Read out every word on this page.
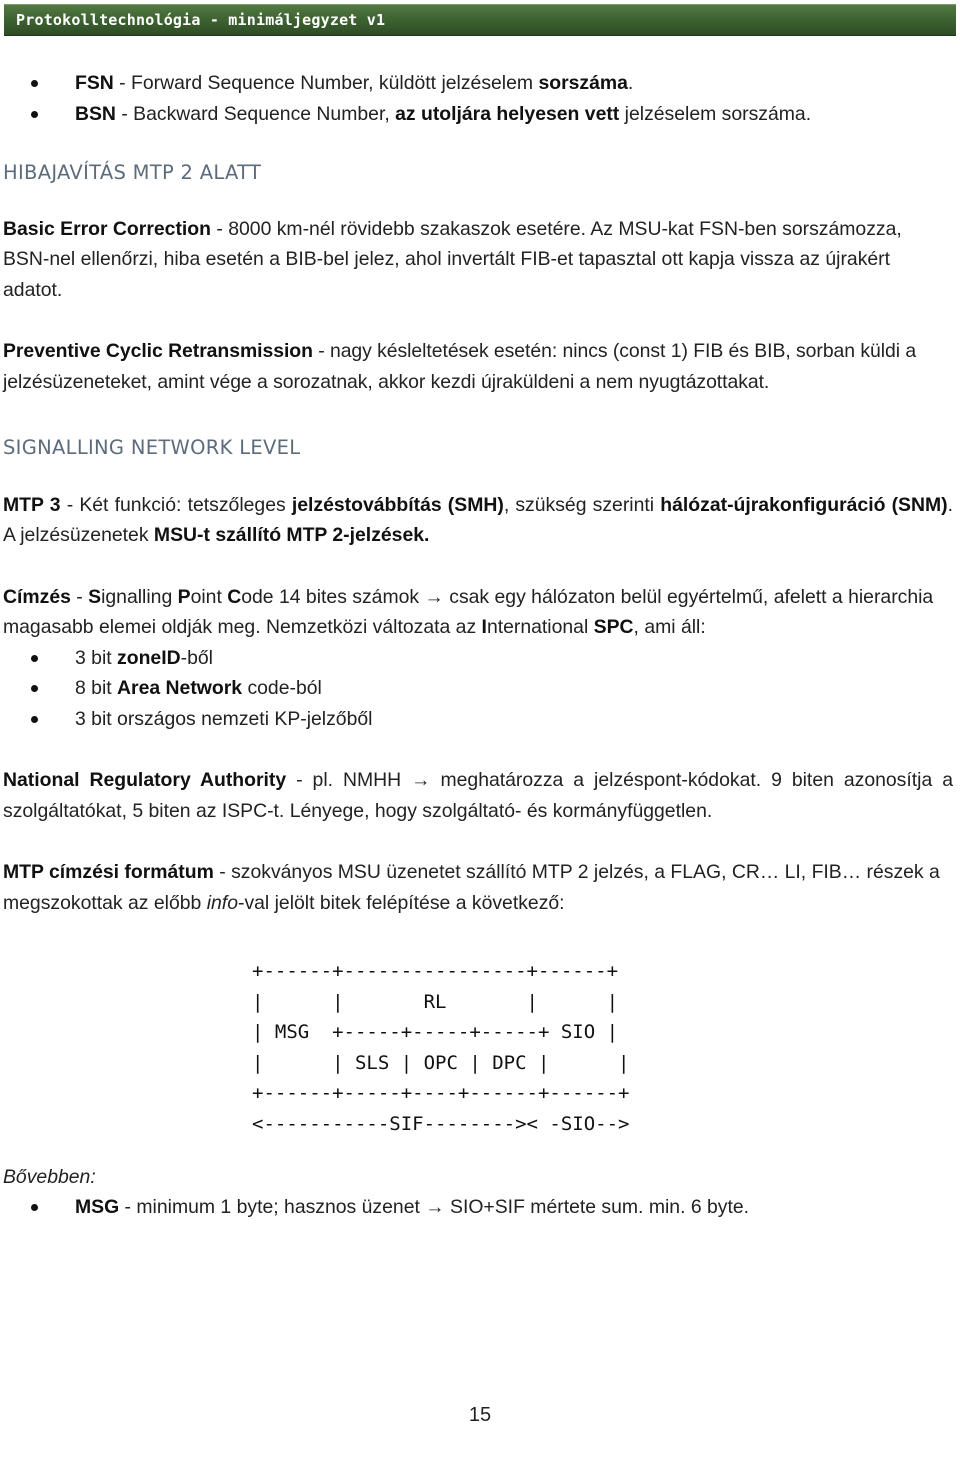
Protokolltechnológia - minimáljegyzet v1
FSN - Forward Sequence Number, küldött jelzéselem sorszáma.
BSN - Backward Sequence Number, az utoljára helyesen vett jelzéselem sorszáma.
HIBAJAVÍTÁS MTP 2 ALATT

Basic Error Correction - 8000 km-nél rövidebb szakaszok esetére. Az MSU-kat FSN-ben sorszámozza, BSN-nel ellenőrzi, hiba esetén a BIB-bel jelez, ahol invertált FIB-et tapasztal ott kapja vissza az újrakért adatot.

Preventive Cyclic Retransmission - nagy késleltetések esetén: nincs (const 1) FIB és BIB, sorban küldi a jelzésüzeneteket, amint vége a sorozatnak, akkor kezdi újraküldeni a nem nyugtázottakat.

SIGNALLING NETWORK LEVEL

MTP 3 - Két funkció: tetszőleges jelzéstovábbítás (SMH), szükség szerinti hálózat-újrakonfiguráció (SNM). A jelzésüzenetek MSU-t szállító MTP 2-jelzések.

Címzés - Signalling Point Code 14 bites számok → csak egy hálózaton belül egyértelmű, afelett a hierarchia magasabb elemei oldják meg. Nemzetközi változata az International SPC, ami áll:

3 bit zoneID-ből
8 bit Area Network code-ból
3 bit országos nemzeti KP-jelzőből

National Regulatory Authority - pl. NMHH → meghatározza a jelzéspont-kódokat. 9 biten azonosítja a szolgáltatókat, 5 biten az ISPC-t. Lényege, hogy szolgáltató- és kormányfüggetlen.

MTP címzési formátum - szokványos MSU üzenetet szállító MTP 2 jelzés, a FLAG, CR… LI, FIB… részek a megszokottak az előbb info-val jelölt bitek felépítése a következő:

+------+----------------+------+
|      |       RL       |      |
| MSG  +-----+-----+-----+ SIO |
|      | SLS | OPC | DPC |      |
+------+-----+----+------+------+
<-----------SIF-------->< -SIO-->
Bővebben:
MSG - minimum 1 byte; hasznos üzenet → SIO+SIF mértete sum. min. 6 byte.
15
